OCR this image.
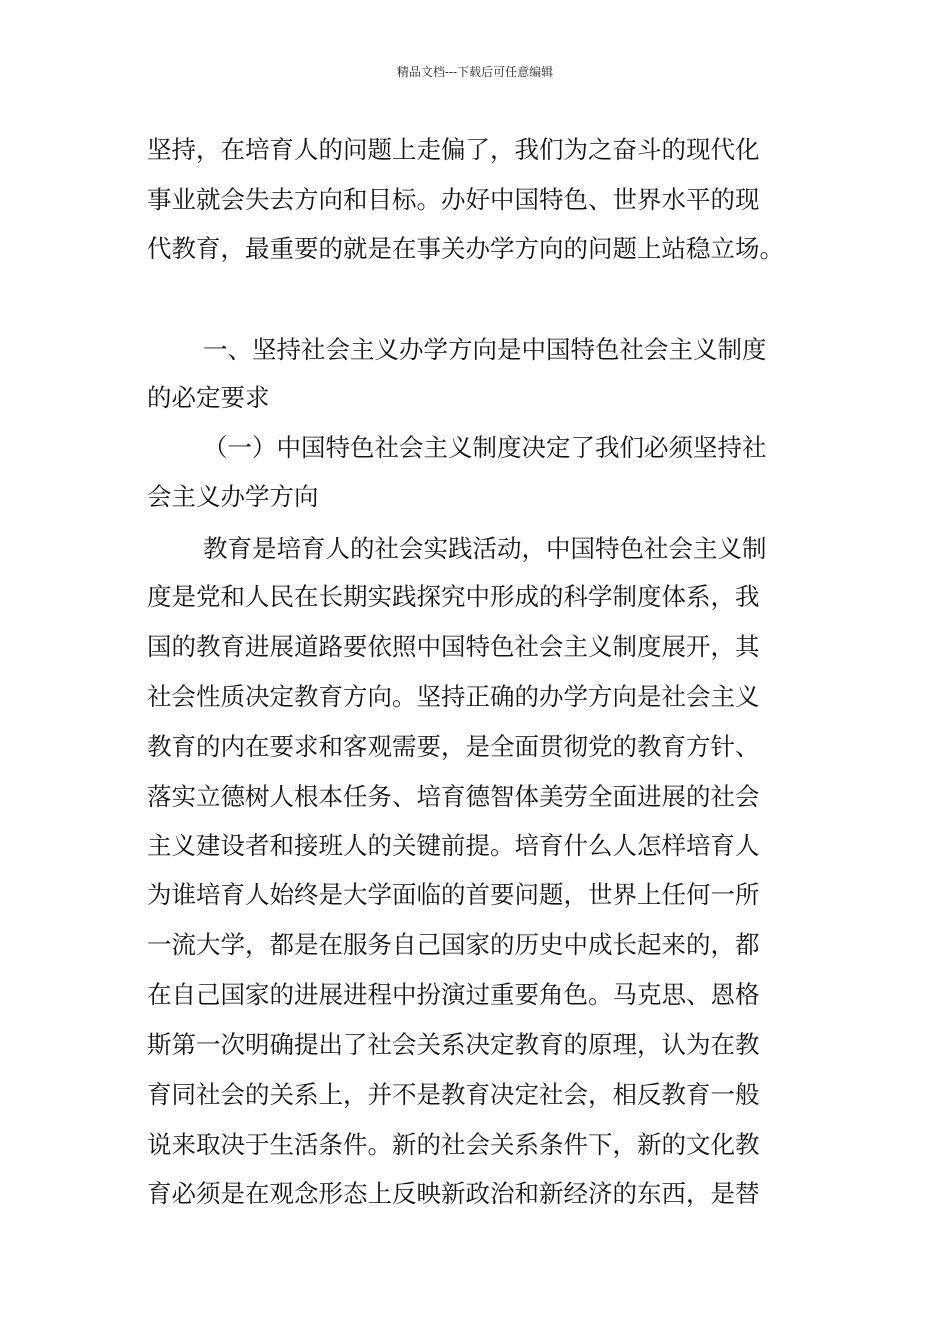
精品文档---下载后可任意编辑
坚持，在培育人的问题上走偏了，我们为之奋斗的现代化
事业就会失去方向和目标。办好中国特色、世界水平的现
代教育，最重要的就是在事关办学方向的问题上站稳立场。
一、坚持社会主义办学方向是中国特色社会主义制度
的必定要求
（一）中国特色社会主义制度决定了我们必须坚持社
会主义办学方向
教育是培育人的社会实践活动，中国特色社会主义制
度是党和人民在长期实践探究中形成的科学制度体系，我
国的教育进展道路要依照中国特色社会主义制度展开，其
社会性质决定教育方向。坚持正确的办学方向是社会主义
教育的内在要求和客观需要，是全面贯彻党的教育方针、
落实立德树人根本任务、培育德智体美劳全面进展的社会
主义建设者和接班人的关键前提。培育什么人怎样培育人
为谁培育人始终是大学面临的首要问题，世界上任何一所
一流大学，都是在服务自己国家的历史中成长起来的，都
在自己国家的进展进程中扮演过重要角色。马克思、恩格
斯第一次明确提出了社会关系决定教育的原理，认为在教
育同社会的关系上，并不是教育决定社会，相反教育一般
说来取决于生活条件。新的社会关系条件下，新的文化教
育必须是在观念形态上反映新政治和新经济的东西，是替
